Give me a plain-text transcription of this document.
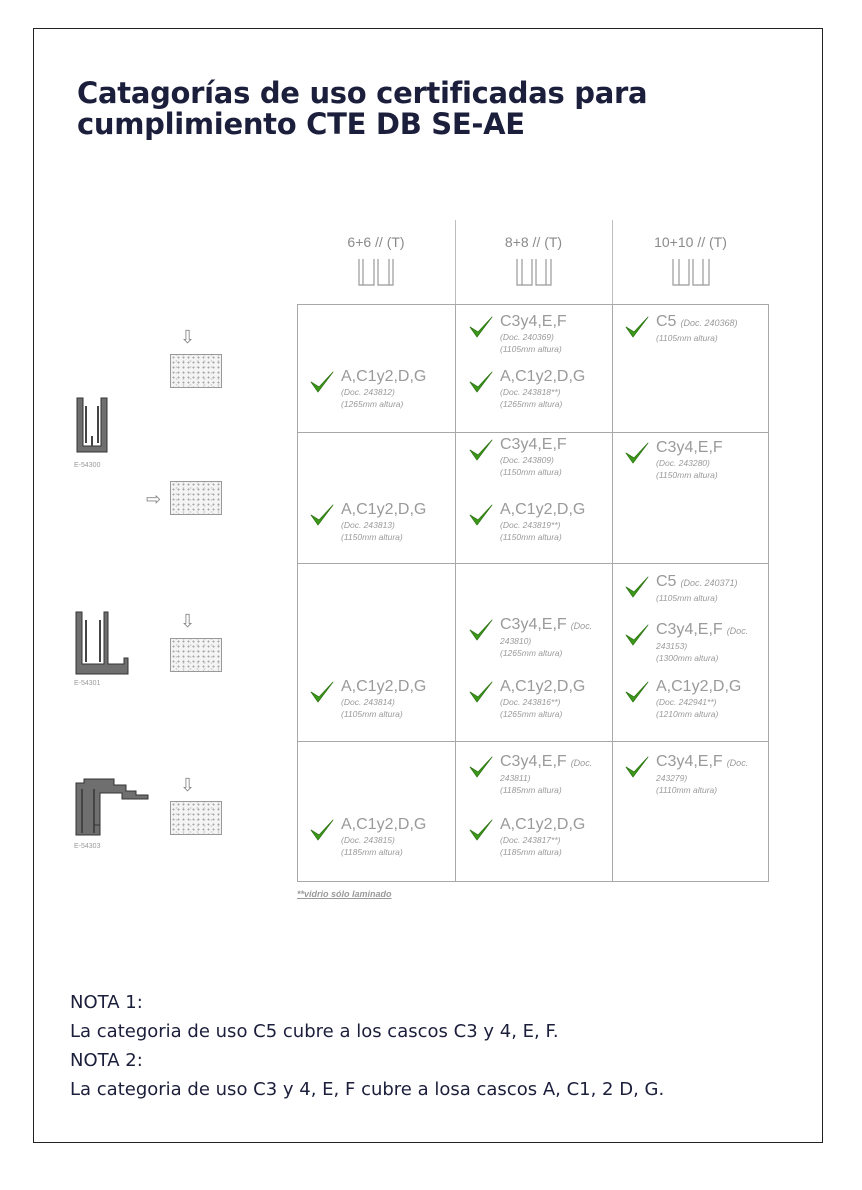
Catagorías de uso certificadas para
cumplimiento CTE DB SE-AE
6+6 // (T)	8+8 // (T)	10+10 // (T)
E-54300
⇩
⇨
E-54301
⇩
E-54303
⇩
A,C1y2,D,G
(Doc. 243812)
(1265mm altura)
C3y4,E,F
(Doc. 240369)
(1105mm altura)
A,C1y2,D,G
(Doc. 243818**)
(1265mm altura)
C5 (Doc. 240368)
(1105mm altura)
A,C1y2,D,G
(Doc. 243813)
(1150mm altura)
C3y4,E,F
(Doc. 243809)
(1150mm altura)
A,C1y2,D,G
(Doc. 243819**)
(1150mm altura)
C3y4,E,F
(Doc. 243280)
(1150mm altura)
A,C1y2,D,G
(Doc. 243814)
(1105mm altura)
C3y4,E,F (Doc.
243810)
(1265mm altura)
A,C1y2,D,G
(Doc. 243816**)
(1265mm altura)
C5 (Doc. 240371)
(1105mm altura)
C3y4,E,F (Doc.
243153)
(1300mm altura)
A,C1y2,D,G
(Doc. 242941**)
(1210mm altura)
A,C1y2,D,G
(Doc. 243815)
(1185mm altura)
C3y4,E,F (Doc.
243811)
(1185mm altura)
A,C1y2,D,G
(Doc. 243817**)
(1185mm altura)
C3y4,E,F (Doc.
243279)
(1110mm altura)
**vidrio sólo laminado
NOTA 1:
La categoria de uso C5 cubre a los cascos C3 y 4, E, F.
NOTA 2:
La categoria de uso C3 y 4, E, F cubre a losa cascos A, C1, 2 D, G.
